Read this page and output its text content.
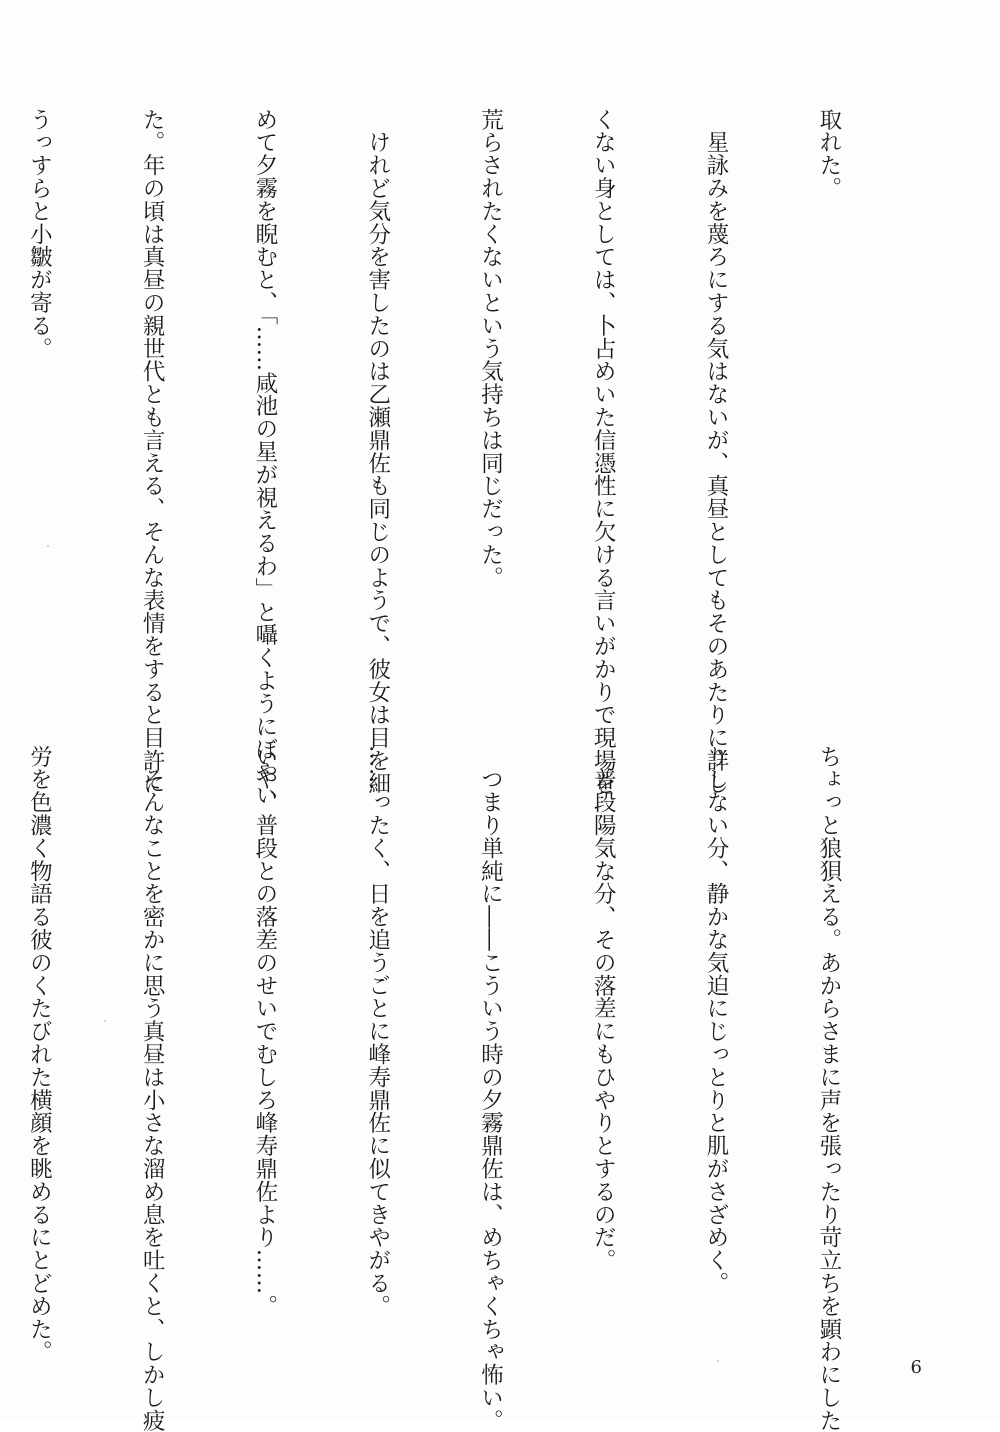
取れた。

　星詠みを蔑ろにする気はないが、真昼としてもそのあたりに詳し

くない身としては、卜占めいた信憑性に欠ける言いがかりで現場を

荒らされたくないという気持ちは同じだった。

　けれど気分を害したのは乙瀬鼎佐も同じのようで、彼女は目を細

めて夕霧を睨むと、「……咸池の星が視えるわ」と囁くようにぼやい

た。年の頃は真昼の親世代とも言える、そんな表情をすると目許に

うっすらと小皺が寄る。

ちょっと狼狽える。あからさまに声を張ったり苛立ちを顕わにした

りしない分、静かな気迫にじっとりと肌がさざめく。

　普段陽気な分、その落差にもひやりとするのだ。

　つまり単純に――こういう時の夕霧鼎佐は、めちゃくちゃ怖い。

……ったく、日を追うごとに峰寿鼎佐に似てきやがる。

いや、普段との落差のせいでむしろ峰寿鼎佐より……。

　そんなことを密かに思う真昼は小さな溜め息を吐くと、しかし疲

労を色濃く物語る彼のくたびれた横顔を眺めるにとどめた。

6
